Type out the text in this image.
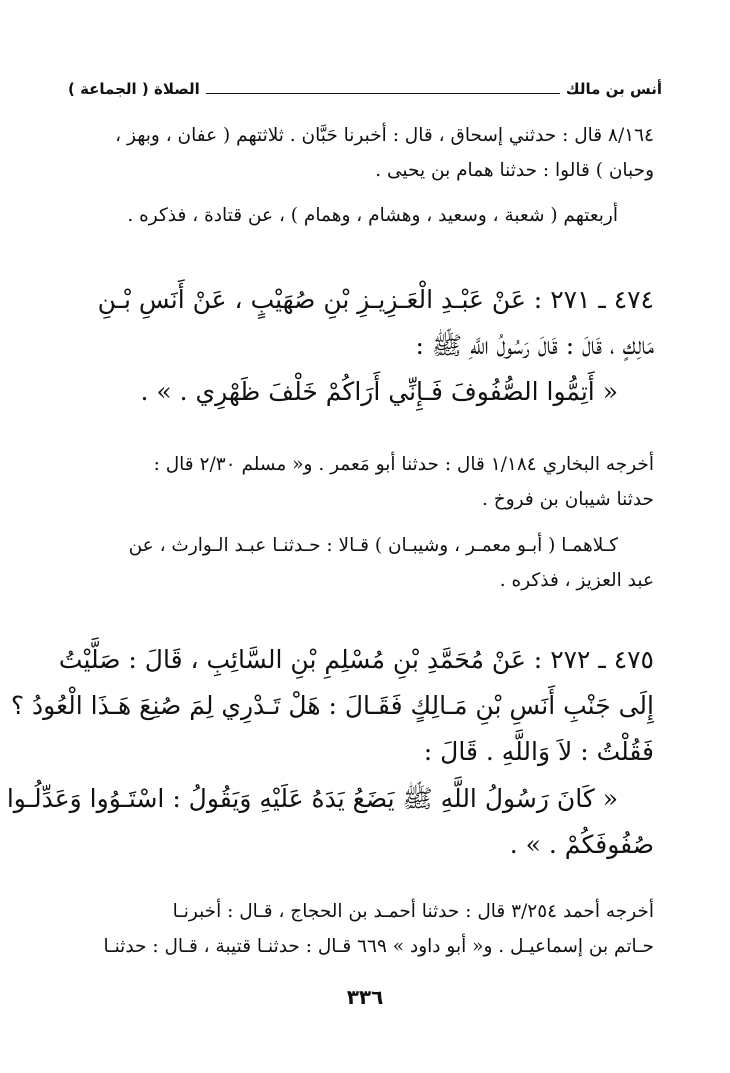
أنس بن مالك
الصلاة ( الجماعة )
٨/١٦٤ قال : حدثني إسحاق ، قال : أخبرنا حَبَّان . ثلاثتهم ( عفان ، وبهز ،
وحبان ) قالوا : حدثنا همام بن يحيى .
أربعتهم ( شعبة ، وسعيد ، وهشام ، وهمام ) ، عن قتادة ، فذكره .
٤٧٤ ـ ٢٧١ : عَنْ عَبْـدِ الْعَـزِيـزِ بْنِ صُهَيْبٍ ، عَنْ أَنَسِ بْـنِ
مَالِكٍ ، قَالَ : قَالَ رَسُولُ اللَّهِ ﷺ :
« أَتِمُّوا الصُّفُوفَ فَـإِنِّي أَرَاكُمْ خَلْفَ ظَهْرِي . » .
أخرجه البخاري ١/١٨٤ قال : حدثنا أبو مَعمر . و« مسلم ٢/٣٠ قال :
حدثنا شيبان بن فروخ .
كـلاهمـا ( أبـو معمـر ، وشيبـان ) قـالا : حـدثنـا عبـد الـوارث ، عن
عبد العزيز ، فذكره .
٤٧٥ ـ ٢٧٢ : عَنْ مُحَمَّدِ بْنِ مُسْلِمِ بْنِ السَّائِبِ ، قَالَ : صَلَّيْتُ
إِلَى جَنْبِ أَنَسِ بْنِ مَـالِكٍ فَقَـالَ : هَلْ تَـدْرِي لِمَ صُنِعَ هَـذَا الْعُودُ ؟
فَقُلْتُ : لاَ وَاللَّهِ . قَالَ :
« كَانَ رَسُولُ اللَّهِ ﷺ يَضَعُ يَدَهُ عَلَيْهِ وَيَقُولُ : اسْتَـوُوا وَعَدِّلُـوا
صُفُوفَكُمْ . » .
أخرجه أحمد ٣/٢٥٤ قال : حدثنا أحمـد بن الحجاج ، قـال : أخبرنـا
حـاتم بن إسماعيـل . و« أبو داود » ٦٦٩ قـال : حدثنـا قتيبة ، قـال : حدثنـا
٣٣٦
